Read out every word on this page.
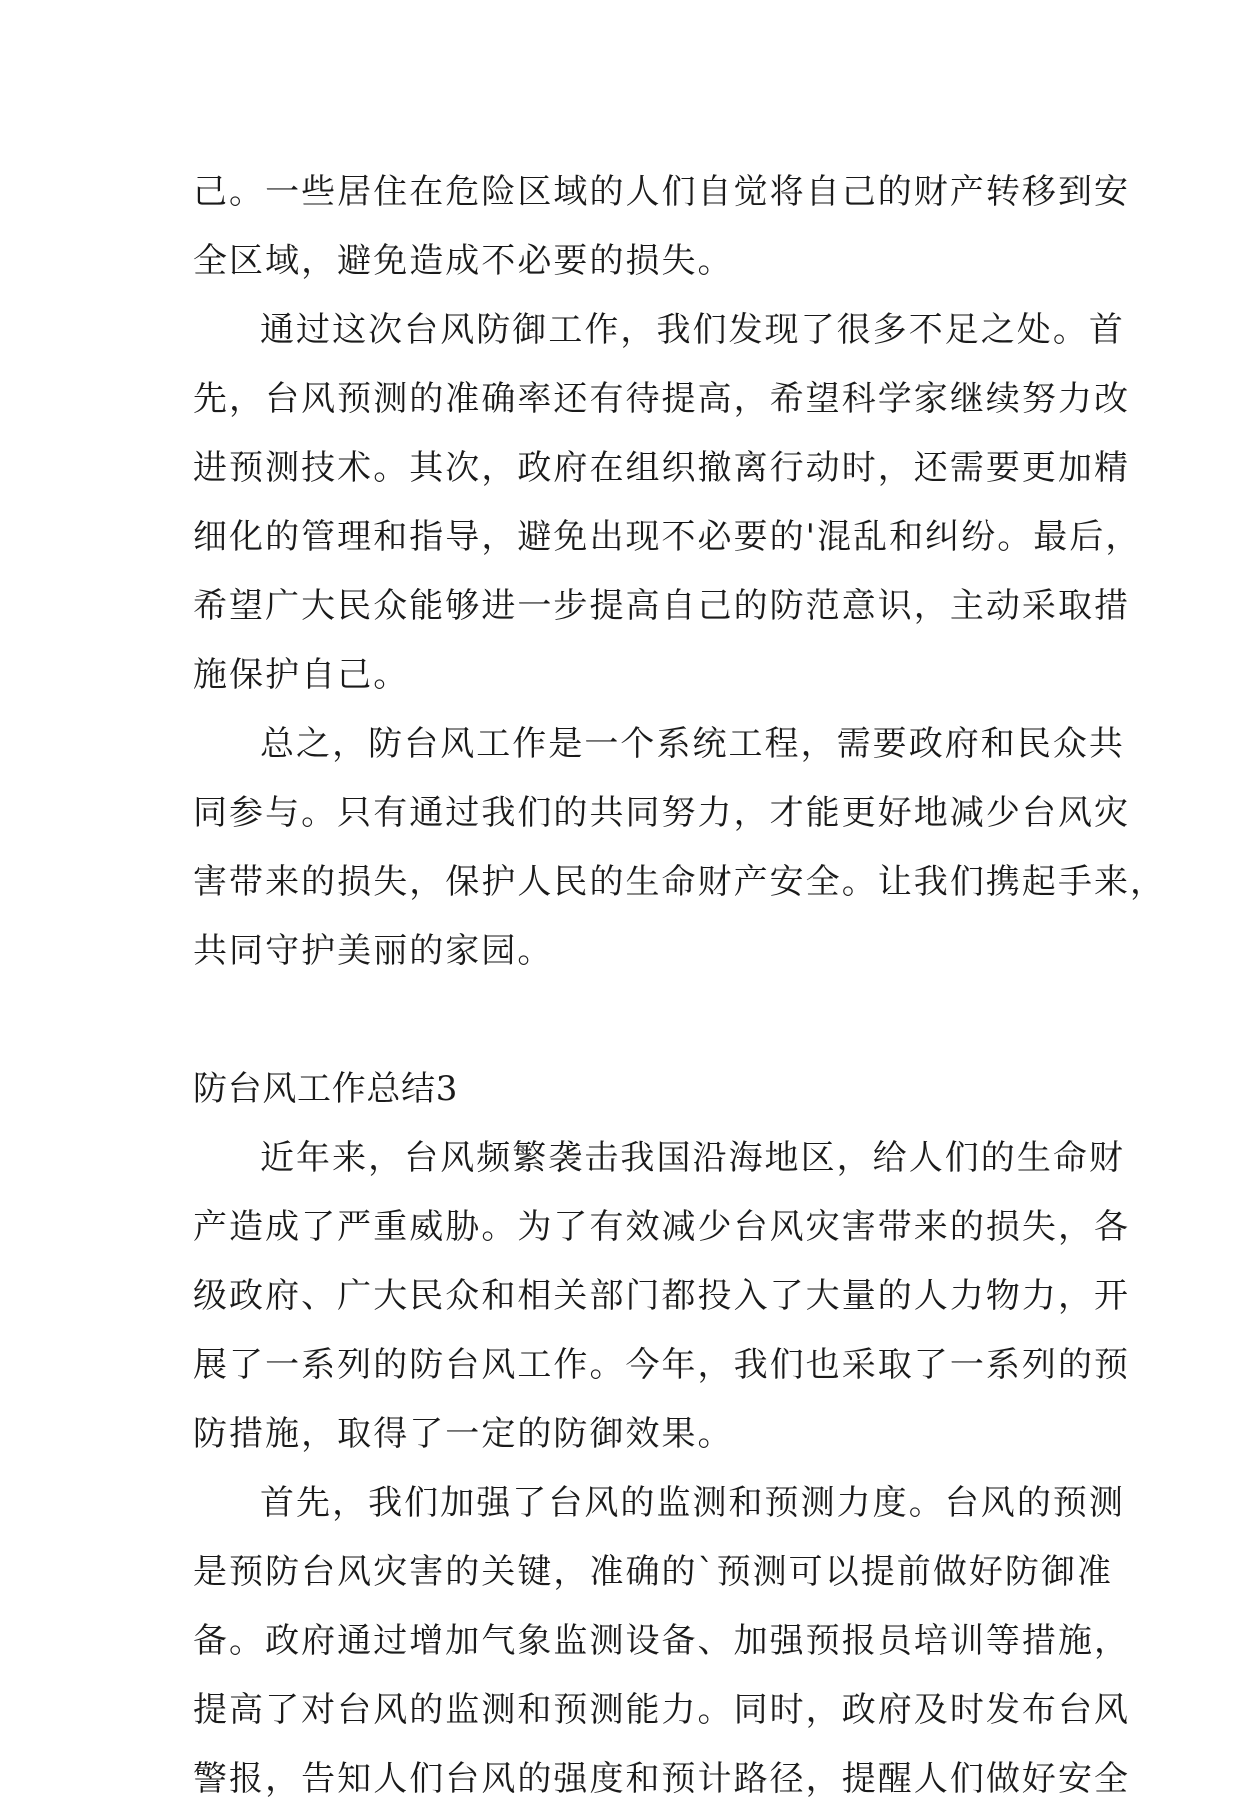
己。一些居住在危险区域的人们自觉将自己的财产转移到安
全区域，避免造成不必要的损失。
通过这次台风防御工作，我们发现了很多不足之处。首
先，台风预测的准确率还有待提高，希望科学家继续努力改
进预测技术。其次，政府在组织撤离行动时，还需要更加精
细化的管理和指导，避免出现不必要的'混乱和纠纷。最后，
希望广大民众能够进一步提高自己的防范意识，主动采取措
施保护自己。
总之，防台风工作是一个系统工程，需要政府和民众共
同参与。只有通过我们的共同努力，才能更好地减少台风灾
害带来的损失，保护人民的生命财产安全。让我们携起手来，
共同守护美丽的家园。
防台风工作总结3
近年来，台风频繁袭击我国沿海地区，给人们的生命财
产造成了严重威胁。为了有效减少台风灾害带来的损失，各
级政府、广大民众和相关部门都投入了大量的人力物力，开
展了一系列的防台风工作。今年，我们也采取了一系列的预
防措施，取得了一定的防御效果。
首先，我们加强了台风的监测和预测力度。台风的预测
是预防台风灾害的关键，准确的`预测可以提前做好防御准
备。政府通过增加气象监测设备、加强预报员培训等措施，
提高了对台风的监测和预测能力。同时，政府及时发布台风
警报，告知人们台风的强度和预计路径，提醒人们做好安全
